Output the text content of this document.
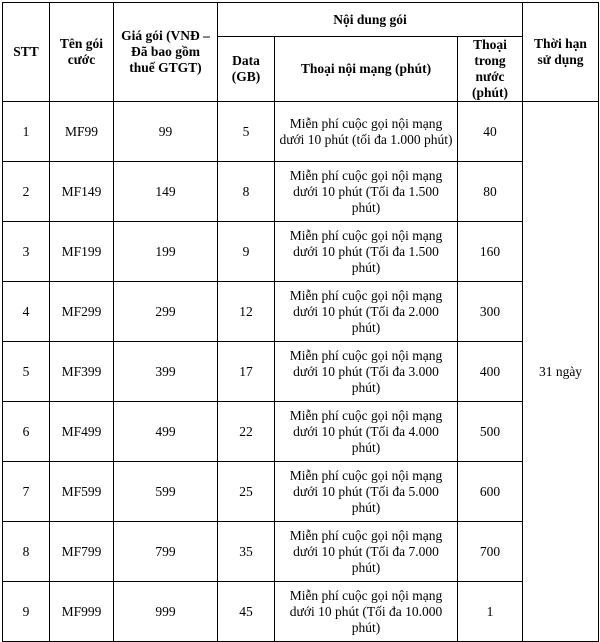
STT	Tên gói cước	Giá gói (VNĐ – Đã bao gồm thuế GTGT)	Nội dung gói			Thời hạn sử dụng
			Data (GB)	Thoại nội mạng (phút)	Thoại trong nước (phút)	
1	MF99	99	5	Miễn phí cuộc gọi nội mạng dưới 10 phút (tối đa 1.000 phút)	40	31 ngày
2	MF149	149	8	Miễn phí cuộc gọi nội mạng dưới 10 phút (Tối đa 1.500 phút)	80	
3	MF199	199	9	Miễn phí cuộc gọi nội mạng dưới 10 phút (Tối đa 1.500 phút)	160	
4	MF299	299	12	Miễn phí cuộc gọi nội mạng dưới 10 phút (Tối đa 2.000 phút)	300	
5	MF399	399	17	Miễn phí cuộc gọi nội mạng dưới 10 phút (Tối đa 3.000 phút)	400	
6	MF499	499	22	Miễn phí cuộc gọi nội mạng dưới 10 phút (Tối đa 4.000 phút)	500	
7	MF599	599	25	Miễn phí cuộc gọi nội mạng dưới 10 phút (Tối đa 5.000 phút)	600	
8	MF799	799	35	Miễn phí cuộc gọi nội mạng dưới 10 phút (Tối đa 7.000 phút)	700	
9	MF999	999	45	Miễn phí cuộc gọi nội mạng dưới 10 phút (Tối đa 10.000 phút)	1	
